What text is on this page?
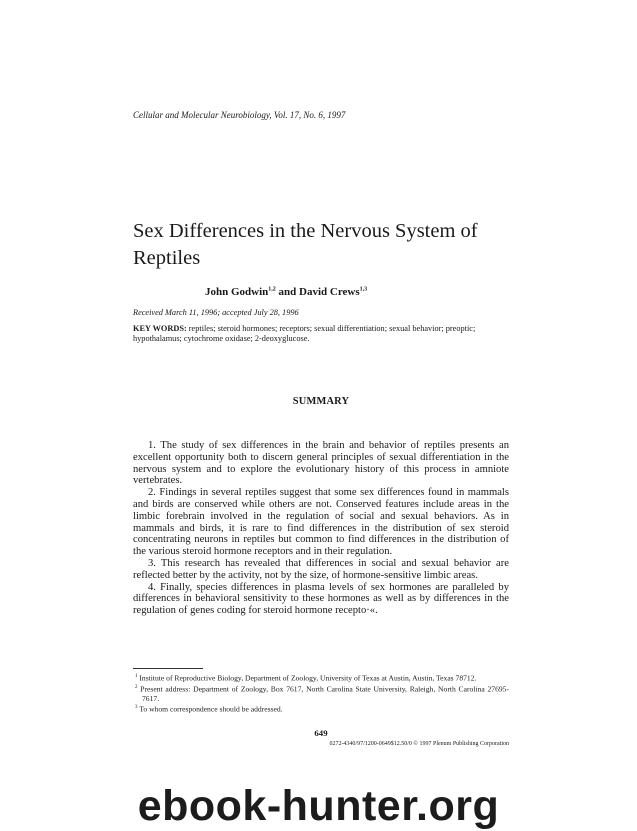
Cellular and Molecular Neurobiology, Vol. 17, No. 6, 1997
Sex Differences in the Nervous System of Reptiles
John Godwin$^{1,2}$ and David Crews$^{1,3}$
Received March 11, 1996; accepted July 28, 1996
KEY WORDS: reptiles; steroid hormones; receptors; sexual differentiation; sexual behavior; preoptic; hypothalamus; cytochrome oxidase; 2-deoxyglucose.
SUMMARY

1. The study of sex differences in the brain and behavior of reptiles presents an excellent opportunity both to discern general principles of sexual differentiation in the nervous system and to explore the evolutionary history of this process in amniote vertebrates.

2. Findings in several reptiles suggest that some sex differences found in mammals and birds are conserved while others are not. Conserved features include areas in the limbic forebrain involved in the regulation of social and sexual behaviors. As in mammals and birds, it is rare to find differences in the distribution of sex steroid concentrating neurons in reptiles but common to find differences in the distribution of the various steroid hormone receptors and in their regulation.

3. This research has revealed that differences in social and sexual behavior are reflected better by the activity, not by the size, of hormone-sensitive limbic areas.

4. Finally, species differences in plasma levels of sex hormones are paralleled by differences in behavioral sensitivity to these hormones as well as by differences in the regulation of genes coding for steroid hormone recepto·«.

$^1$ Institute of Reproductive Biology, Department of Zoology, University of Texas at Austin, Austin, Texas 78712.

$^2$ Present address: Department of Zoology, Box 7617, North Carolina State University, Raleigh, North Carolina 27695-7617.

$^3$ To whom correspondence should be addressed.

649
0272-4340/97/1200-0649$12.50/0 © 1997 Plenum Publishing Corporation
ebook-hunter.org
